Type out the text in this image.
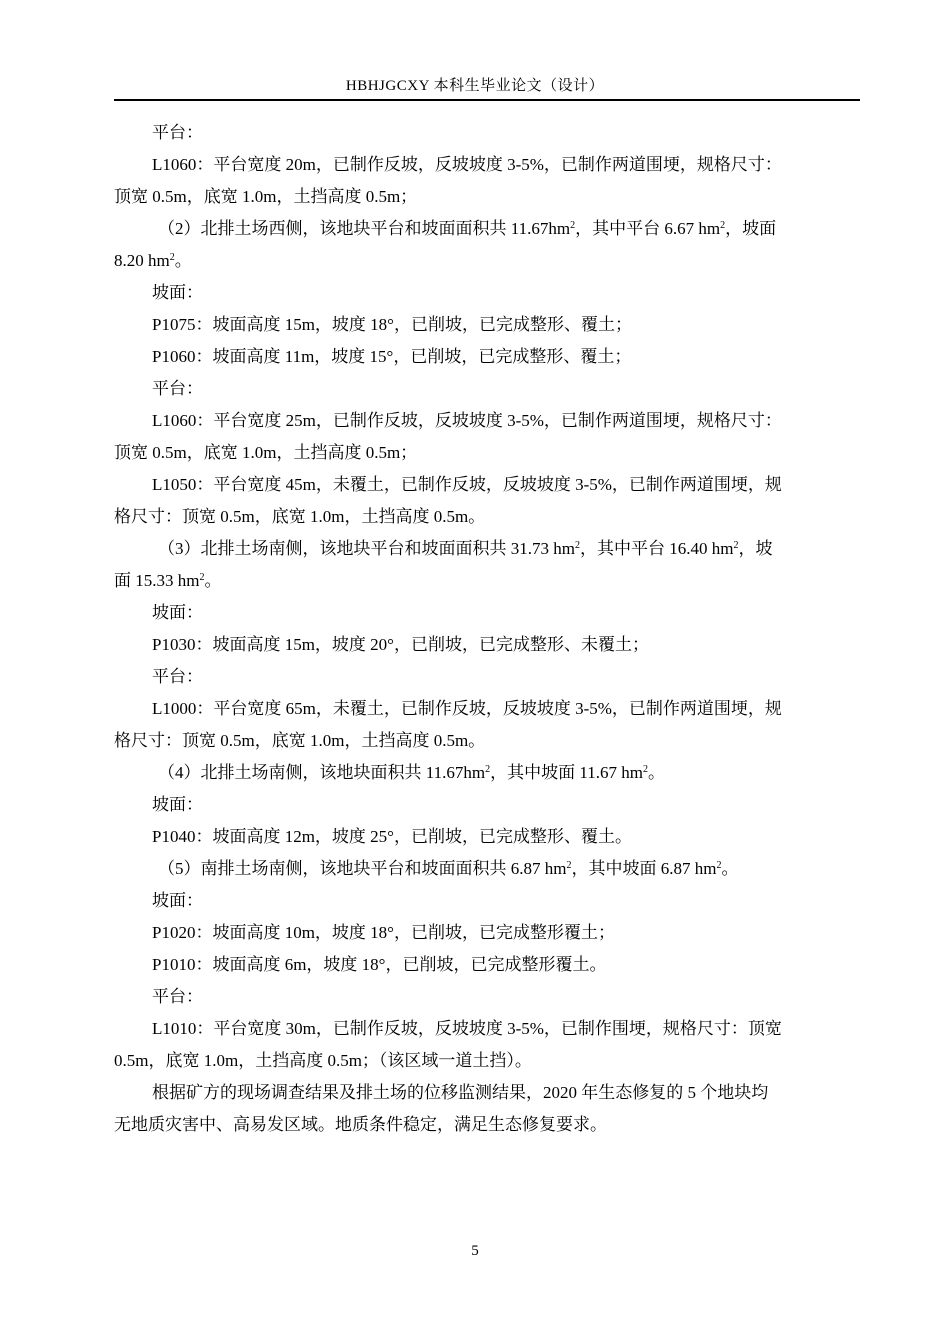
HBHJGCXY 本科生毕业论文（设计）
平台：
L1060：平台宽度 20m，已制作反坡，反坡坡度 3-5%，已制作两道围埂，规格尺寸：
顶宽 0.5m，底宽 1.0m，土挡高度 0.5m；
（2）北排土场西侧，该地块平台和坡面面积共 $11.67hm^2$，其中平台 6.67 $hm^2$，坡面
8.20 $hm^2$。
坡面：
P1075：坡面高度 15m，坡度 18°，已削坡，已完成整形、覆土；
P1060：坡面高度 11m，坡度 15°，已削坡，已完成整形、覆土；
平台：
L1060：平台宽度 25m，已制作反坡，反坡坡度 3-5%，已制作两道围埂，规格尺寸：
顶宽 0.5m，底宽 1.0m，土挡高度 0.5m；
L1050：平台宽度 45m，未覆土，已制作反坡，反坡坡度 3-5%，已制作两道围埂，规
格尺寸：顶宽 0.5m，底宽 1.0m，土挡高度 0.5m。
（3）北排土场南侧，该地块平台和坡面面积共 31.73 $hm^2$，其中平台 16.40 $hm^2$，坡
面 15.33 $hm^2$。
坡面：
P1030：坡面高度 15m，坡度 20°，已削坡，已完成整形、未覆土；
平台：
L1000：平台宽度 65m，未覆土，已制作反坡，反坡坡度 3-5%，已制作两道围埂，规
格尺寸：顶宽 0.5m，底宽 1.0m，土挡高度 0.5m。
（4）北排土场南侧，该地块面积共 $11.67hm^2$，其中坡面 11.67 $hm^2$。
坡面：
P1040：坡面高度 12m，坡度 25°，已削坡，已完成整形、覆土。
（5）南排土场南侧，该地块平台和坡面面积共 6.87 $hm^2$，其中坡面 6.87 $hm^2$。
坡面：
P1020：坡面高度 10m，坡度 18°，已削坡，已完成整形覆土；
P1010：坡面高度 6m，坡度 18°，已削坡，已完成整形覆土。
平台：
L1010：平台宽度 30m，已制作反坡，反坡坡度 3-5%，已制作围埂，规格尺寸：顶宽
0.5m，底宽 1.0m，土挡高度 0.5m；（该区域一道土挡）。
根据矿方的现场调查结果及排土场的位移监测结果，2020 年生态修复的 5 个地块均
无地质灾害中、高易发区域。地质条件稳定，满足生态修复要求。
5
